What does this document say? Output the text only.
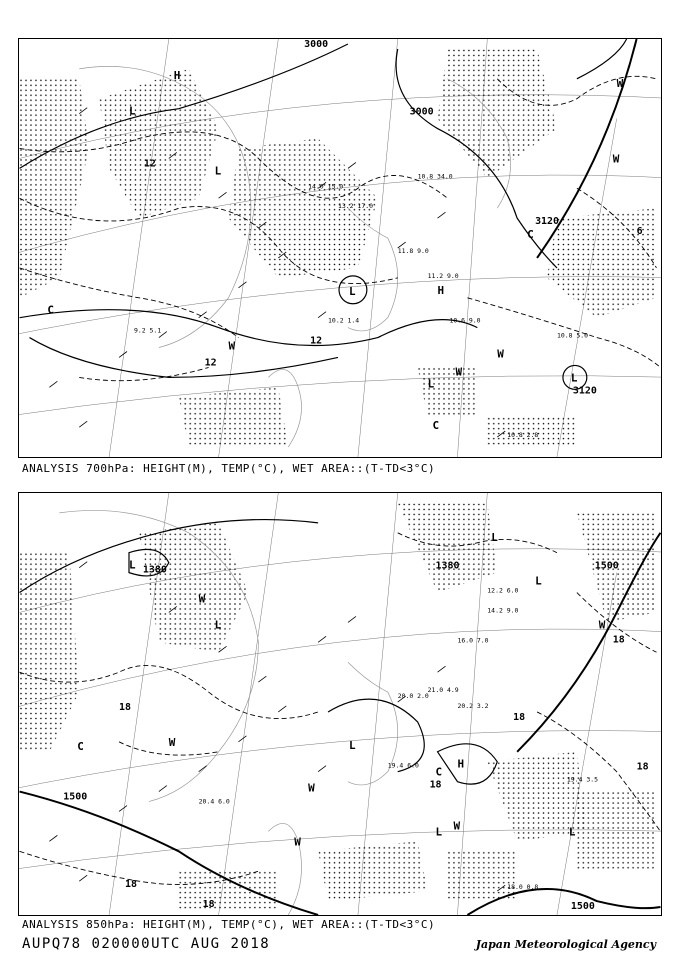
10.6 9.0
11.2 9.0
10.8 5.0
10.8 2.8
11.8 9.0
13.2 17.0
14.0 15.0
10.8 34.0
10.2 1.4
9.2 5.1
3000
3000
3120
3120
12
12
12
6
H
H
L
L
L
L	L
C
C
C
W
W
W
W
W
ANALYSIS 700hPa: HEIGHT(M), TEMP(°C), WET AREA::(T-TD<3°C)
18.0 0.8
19.4 3.5
20.0 2.0
20.4 6.0
21.0 4.9
19.4 6.0
20.2 3.2
16.0 7.0
14.2 9.0
12.2 6.0
1380	1380
1500
1500
1500
18
18
18
18
18
18
18
H
L
L
L
L
L
L	L
C
C
W
W
W
W
W
W
ANALYSIS 850hPa: HEIGHT(M), TEMP(°C), WET AREA::(T-TD<3°C)
AUPQ78 020000UTC AUG 2018	Japan Meteorological Agency
